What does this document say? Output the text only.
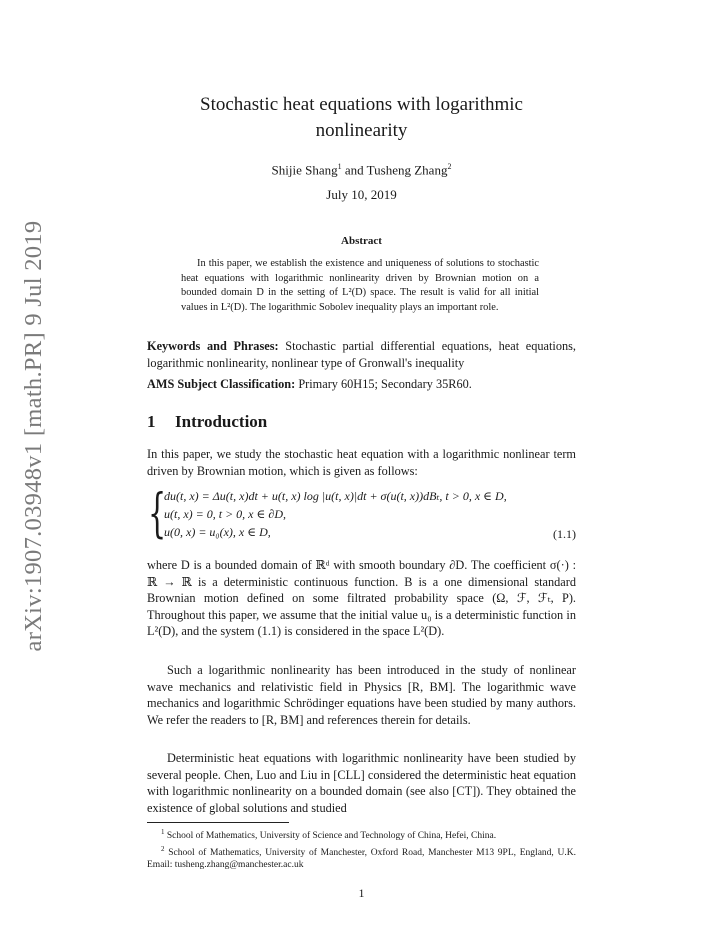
arXiv:1907.03948v1 [math.PR] 9 Jul 2019
Stochastic heat equations with logarithmic
nonlinearity
Shijie Shang$^1$ and Tusheng Zhang$^2$
July 10, 2019
Abstract
In this paper, we establish the existence and uniqueness of solutions to stochastic heat equations with logarithmic nonlinearity driven by Brownian motion on a bounded domain D in the setting of L²(D) space. The result is valid for all initial values in L²(D). The logarithmic Sobolev inequality plays an important role.
Keywords and Phrases: Stochastic partial differential equations, heat equations, logarithmic nonlinearity, nonlinear type of Gronwall's inequality
AMS Subject Classification: Primary 60H15; Secondary 35R60.
1 Introduction
In this paper, we study the stochastic heat equation with a logarithmic nonlinear term driven by Brownian motion, which is given as follows:
{
du(t, x) = Δu(t, x)dt + u(t, x) log |u(t, x)|dt + σ(u(t, x))dBₜ, t > 0, x ∈ D,
u(t, x) = 0, t > 0, x ∈ ∂D,
u(0, x) = u₀(x), x ∈ D,	(1.1)
where D is a bounded domain of ℝᵈ with smooth boundary ∂D. The coefficient σ(·) : ℝ → ℝ is a deterministic continuous function. B is a one dimensional standard Brownian motion defined on some filtrated probability space (Ω, ℱ, ℱₜ, P). Throughout this paper, we assume that the initial value u₀ is a deterministic function in L²(D), and the system (1.1) is considered in the space L²(D).
Such a logarithmic nonlinearity has been introduced in the study of nonlinear wave mechanics and relativistic field in Physics [R, BM]. The logarithmic wave mechanics and logarithmic Schrödinger equations have been studied by many authors. We refer the readers to [R, BM] and references therein for details.
Deterministic heat equations with logarithmic nonlinearity have been studied by several people. Chen, Luo and Liu in [CLL] considered the deterministic heat equation with logarithmic nonlinearity on a bounded domain (see also [CT]). They obtained the existence of global solutions and studied
$^1$ School of Mathematics, University of Science and Technology of China, Hefei, China.
$^2$ School of Mathematics, University of Manchester, Oxford Road, Manchester M13 9PL, England, U.K. Email: tusheng.zhang@manchester.ac.uk
1
